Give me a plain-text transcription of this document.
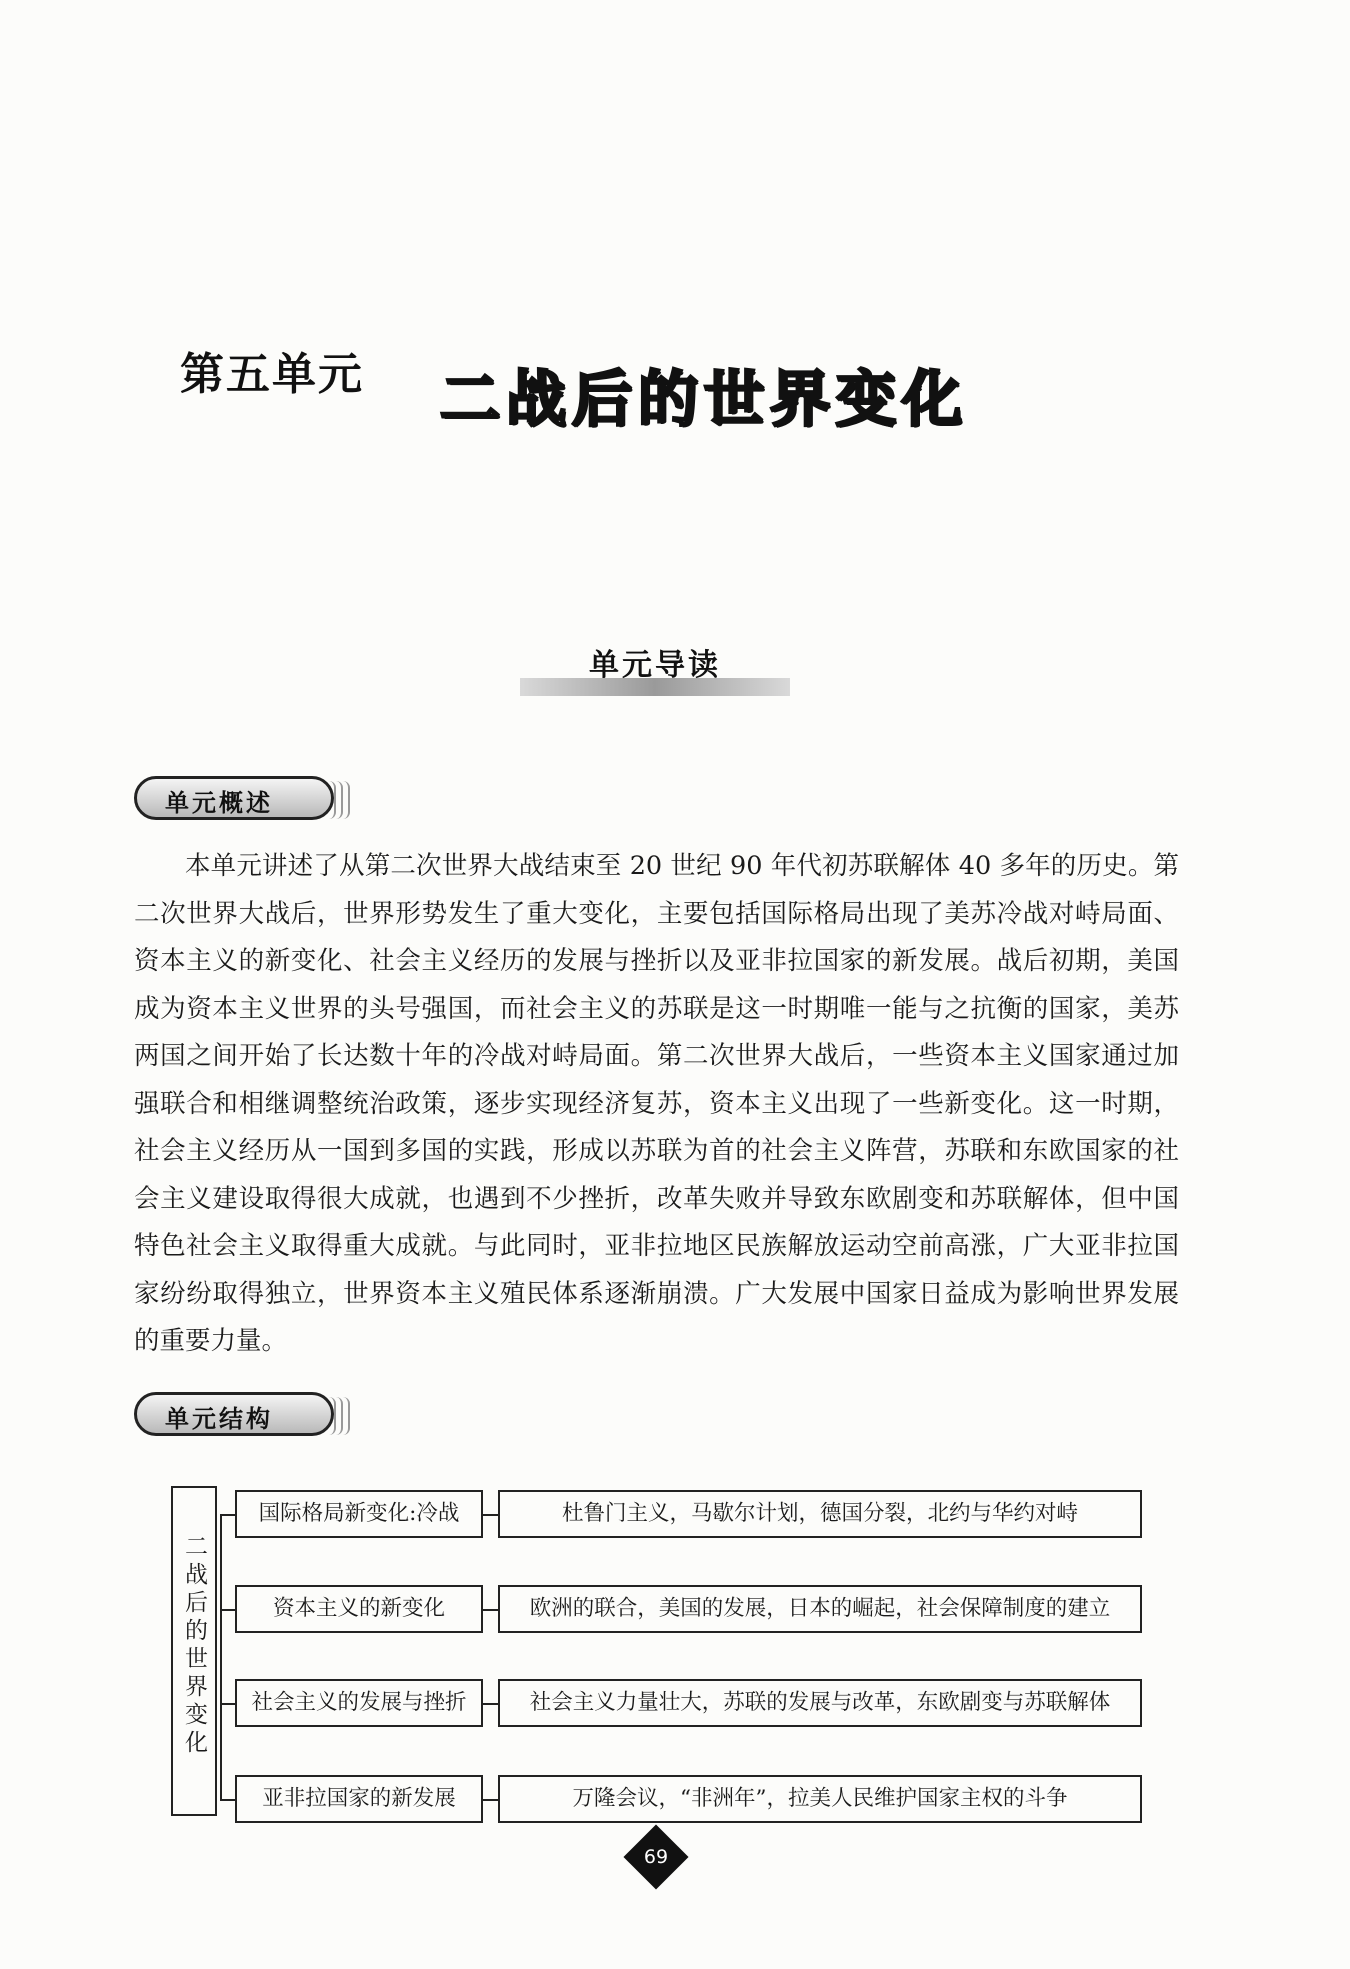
第五单元 二战后的世界变化
单元导读
单元概述

本单元讲述了从第二次世界大战结束至 20 世纪 90 年代初苏联解体 40 多年的历史。第二次世界大战后，世界形势发生了重大变化，主要包括国际格局出现了美苏冷战对峙局面、资本主义的新变化、社会主义经历的发展与挫折以及亚非拉国家的新发展。战后初期，美国成为资本主义世界的头号强国，而社会主义的苏联是这一时期唯一能与之抗衡的国家，美苏两国之间开始了长达数十年的冷战对峙局面。第二次世界大战后，一些资本主义国家通过加强联合和相继调整统治政策，逐步实现经济复苏，资本主义出现了一些新变化。这一时期，社会主义经历从一国到多国的实践，形成以苏联为首的社会主义阵营，苏联和东欧国家的社会主义建设取得很大成就，也遇到不少挫折，改革失败并导致东欧剧变和苏联解体，但中国特色社会主义取得重大成就。与此同时，亚非拉地区民族解放运动空前高涨，广大亚非拉国家纷纷取得独立，世界资本主义殖民体系逐渐崩溃。广大发展中国家日益成为影响世界发展的重要力量。

单元结构
二战后的世界变化
国际格局新变化:冷战	杜鲁门主义，马歇尔计划，德国分裂，北约与华约对峙
资本主义的新变化	欧洲的联合，美国的发展，日本的崛起，社会保障制度的建立
社会主义的发展与挫折	社会主义力量壮大，苏联的发展与改革，东欧剧变与苏联解体
亚非拉国家的新发展	万隆会议，“非洲年”，拉美人民维护国家主权的斗争
69
